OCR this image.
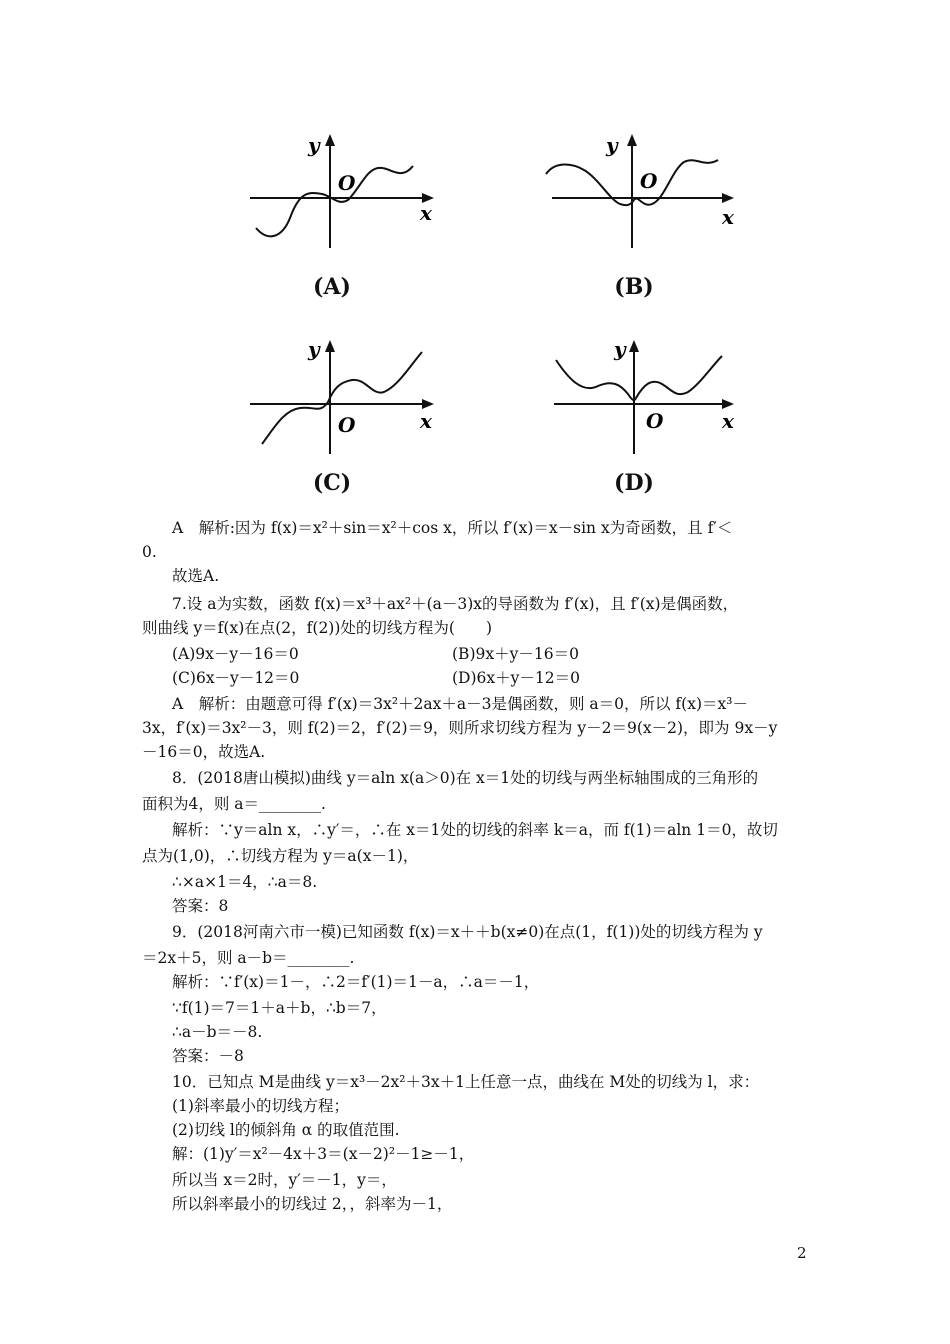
y
O
x
(A)
y
O
x
(B)
y
O	x
(C)
y
O	x
(D)
A　解析:因为 f(x)＝x²＋sin＝x²＋cos x，所以 f′(x)＝x－sin x为奇函数，且 f′＜
0.
故选A.
7.设 a为实数，函数 f(x)＝x³＋ax²＋(a－3)x的导函数为 f′(x)，且 f′(x)是偶函数，
则曲线 y＝f(x)在点(2，f(2))处的切线方程为(　　)
(A)9x－y－16＝0	(B)9x＋y－16＝0
(C)6x－y－12＝0	(D)6x＋y－12＝0
A　解析：由题意可得 f′(x)＝3x²＋2ax＋a－3是偶函数，则 a＝0，所以 f(x)＝x³－
3x，f′(x)＝3x²－3，则 f(2)＝2，f′(2)＝9，则所求切线方程为 y－2＝9(x－2)，即为 9x－y
－16＝0，故选A.
8．(2018唐山模拟)曲线 y＝aln x(a＞0)在 x＝1处的切线与两坐标轴围成的三角形的
面积为4，则 a＝________.
解析：∵y＝aln x，∴y′＝，∴在 x＝1处的切线的斜率 k＝a，而 f(1)＝aln 1＝0，故切
点为(1,0)，∴切线方程为 y＝a(x－1)，
∴×a×1＝4，∴a＝8.
答案：8
9．(2018河南六市一模)已知函数 f(x)＝x＋＋b(x≠0)在点(1，f(1))处的切线方程为 y
＝2x＋5，则 a－b＝________.
解析：∵f′(x)＝1－，∴2＝f′(1)＝1－a，∴a＝－1，
∵f(1)＝7＝1＋a＋b，∴b＝7，
∴a－b＝－8.
答案：－8
10．已知点 M是曲线 y＝x³－2x²＋3x＋1上任意一点，曲线在 M处的切线为 l，求：
(1)斜率最小的切线方程；
(2)切线 l的倾斜角 α 的取值范围.
解：(1)y′＝x²－4x＋3＝(x－2)²－1≥－1，
所以当 x＝2时，y′＝－1，y＝，
所以斜率最小的切线过 2，，斜率为－1，
2
